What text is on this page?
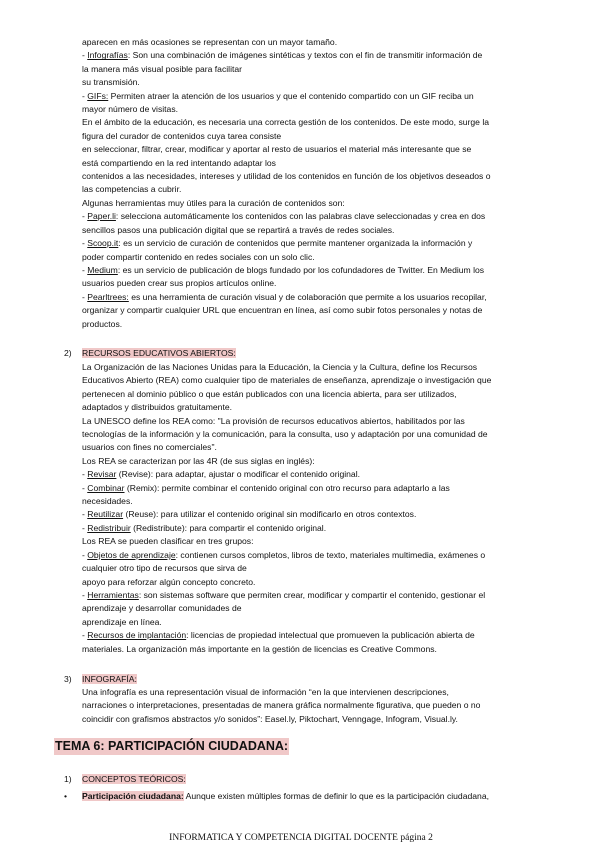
aparecen en más ocasiones se representan con un mayor tamaño.

- Infografías: Son una combinación de imágenes sintéticas y textos con el fin de transmitir información de

la manera más visual posible para facilitar

su transmisión.

- GIFs: Permiten atraer la atención de los usuarios y que el contenido compartido con un GIF reciba un

mayor número de visitas.

En el ámbito de la educación, es necesaria una correcta gestión de los contenidos. De este modo, surge la

figura del curador de contenidos cuya tarea consiste

en seleccionar, filtrar, crear, modificar y aportar al resto de usuarios el material más interesante que se

está compartiendo en la red intentando adaptar los

contenidos a las necesidades, intereses y utilidad de los contenidos en función de los objetivos deseados o

las competencias a cubrir.

Algunas herramientas muy útiles para la curación de contenidos son:

- Paper.li: selecciona automáticamente los contenidos con las palabras clave seleccionadas y crea en dos

sencillos pasos una publicación digital que se repartirá a través de redes sociales.

- Scoop.it: es un servicio de curación de contenidos que permite mantener organizada la información y

poder compartir contenido en redes sociales con un solo clic.

- Medium: es un servicio de publicación de blogs fundado por los cofundadores de Twitter. En Medium los

usuarios pueden crear sus propios artículos online.

- Pearltrees: es una herramienta de curación visual y de colaboración que permite a los usuarios recopilar,

organizar y compartir cualquier URL que encuentran en línea, así como subir fotos personales y notas de

productos.

2) RECURSOS EDUCATIVOS ABIERTOS:

La Organización de las Naciones Unidas para la Educación, la Ciencia y la Cultura, define los Recursos

Educativos Abierto (REA) como cualquier tipo de materiales de enseñanza, aprendizaje o investigación que

pertenecen al dominio público o que están publicados con una licencia abierta, para ser utilizados,

adaptados y distribuidos gratuitamente.

La UNESCO define los REA como: "La provisión de recursos educativos abiertos, habilitados por las

tecnologías de la información y la comunicación, para la consulta, uso y adaptación por una comunidad de

usuarios con fines no comerciales".

Los REA se caracterizan por las 4R (de sus siglas en inglés):

- Revisar (Revise): para adaptar, ajustar o modificar el contenido original.

- Combinar (Remix): permite combinar el contenido original con otro recurso para adaptarlo a las

necesidades.

- Reutilizar (Reuse): para utilizar el contenido original sin modificarlo en otros contextos.

- Redistribuir (Redistribute): para compartir el contenido original.

Los REA se pueden clasificar en tres grupos:

- Objetos de aprendizaje: contienen cursos completos, libros de texto, materiales multimedia, exámenes o

cualquier otro tipo de recursos que sirva de

apoyo para reforzar algún concepto concreto.

- Herramientas: son sistemas software que permiten crear, modificar y compartir el contenido, gestionar el

aprendizaje y desarrollar comunidades de

aprendizaje en línea.

- Recursos de implantación: licencias de propiedad intelectual que promueven la publicación abierta de

materiales. La organización más importante en la gestión de licencias es Creative Commons.

3) INFOGRAFÍA:

Una infografía es una representación visual de información “en la que intervienen descripciones,

narraciones o interpretaciones, presentadas de manera gráfica normalmente figurativa, que pueden o no

coincidir con grafismos abstractos y/o sonidos”: Easel.ly, Piktochart, Venngage, Infogram, Visual.ly.

TEMA 6: PARTICIPACIÓN CIUDADANA:
1) CONCEPTOS TEÓRICOS:
• Participación ciudadana: Aunque existen múltiples formas de definir lo que es la participación ciudadana,

INFORMATICA Y COMPETENCIA DIGITAL DOCENTE página 2
